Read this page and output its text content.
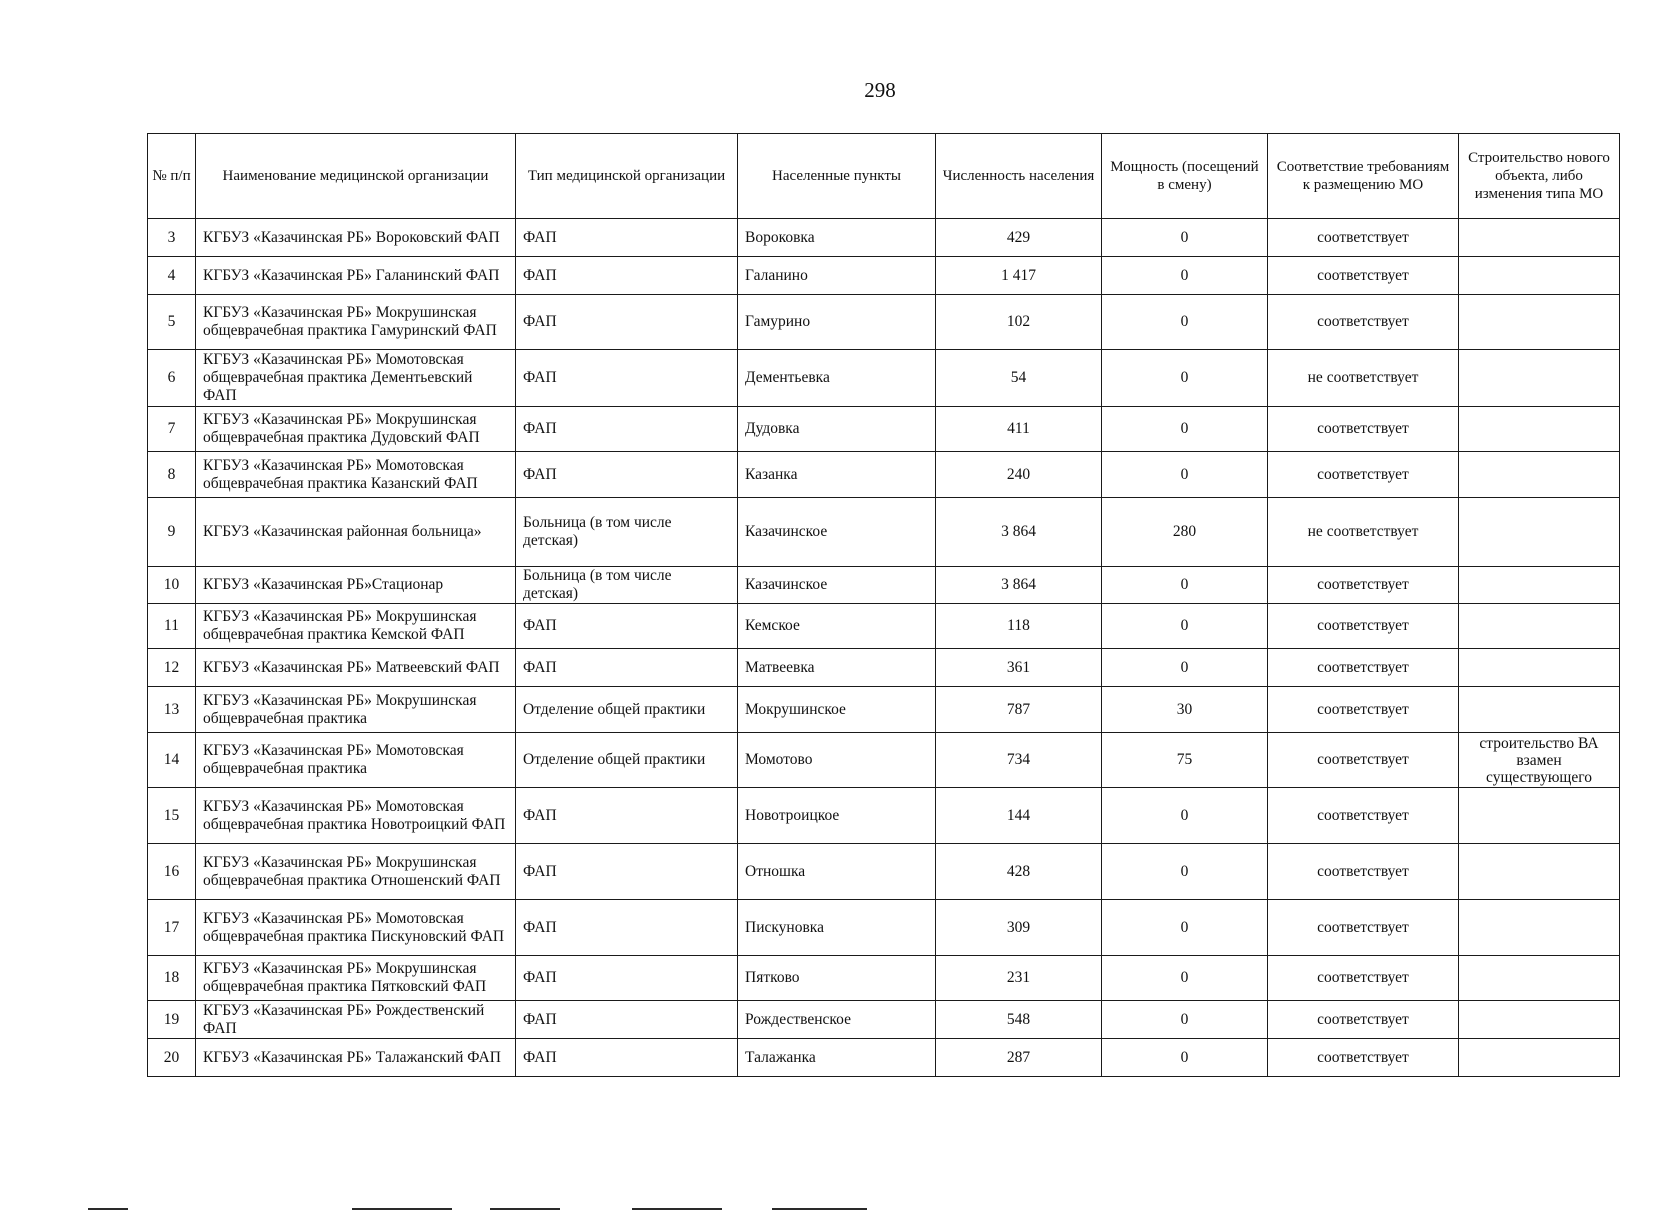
298
№ п/п	Наименование медицинской организации	Тип медицинской организации	Населенные пункты	Численность населения	Мощность (посещений в смену)	Соответствие требованиям к размещению МО	Строительство нового объекта, либо изменения типа МО
3	КГБУЗ «Казачинская РБ» Вороковский ФАП	ФАП	Вороковка	429	0	соответствует	
4	КГБУЗ «Казачинская РБ» Галанинский ФАП	ФАП	Галанино	1 417	0	соответствует	
5	КГБУЗ «Казачинская РБ» Мокрушинская общеврачебная практика Гамуринский ФАП	ФАП	Гамурино	102	0	соответствует	
6	КГБУЗ «Казачинская РБ» Момотовская общеврачебная практика Дементьевский ФАП	ФАП	Дементьевка	54	0	не соответствует	
7	КГБУЗ «Казачинская РБ» Мокрушинская общеврачебная практика Дудовский ФАП	ФАП	Дудовка	411	0	соответствует	
8	КГБУЗ «Казачинская РБ» Момотовская общеврачебная практика Казанский ФАП	ФАП	Казанка	240	0	соответствует	
9	КГБУЗ «Казачинская районная больница»	Больница (в том числе детская)	Казачинское	3 864	280	не соответствует	
10	КГБУЗ «Казачинская РБ»Стационар	Больница (в том числе детская)	Казачинское	3 864	0	соответствует	
11	КГБУЗ «Казачинская РБ» Мокрушинская общеврачебная практика Кемской ФАП	ФАП	Кемское	118	0	соответствует	
12	КГБУЗ «Казачинская РБ» Матвеевский ФАП	ФАП	Матвеевка	361	0	соответствует	
13	КГБУЗ «Казачинская РБ» Мокрушинская общеврачебная практика	Отделение общей практики	Мокрушинское	787	30	соответствует	
14	КГБУЗ «Казачинская РБ» Момотовская общеврачебная практика	Отделение общей практики	Момотово	734	75	соответствует	строительство ВА взамен существующего
15	КГБУЗ «Казачинская РБ» Момотовская общеврачебная практика Новотроицкий ФАП	ФАП	Новотроицкое	144	0	соответствует	
16	КГБУЗ «Казачинская РБ» Мокрушинская общеврачебная практика Отношенский ФАП	ФАП	Отношка	428	0	соответствует	
17	КГБУЗ «Казачинская РБ» Момотовская общеврачебная практика Пискуновский ФАП	ФАП	Пискуновка	309	0	соответствует	
18	КГБУЗ «Казачинская РБ» Мокрушинская общеврачебная практика Пятковский ФАП	ФАП	Пятково	231	0	соответствует	
19	КГБУЗ «Казачинская РБ» Рождественский ФАП	ФАП	Рождественское	548	0	соответствует	
20	КГБУЗ «Казачинская РБ» Талажанский ФАП	ФАП	Талажанка	287	0	соответствует	
